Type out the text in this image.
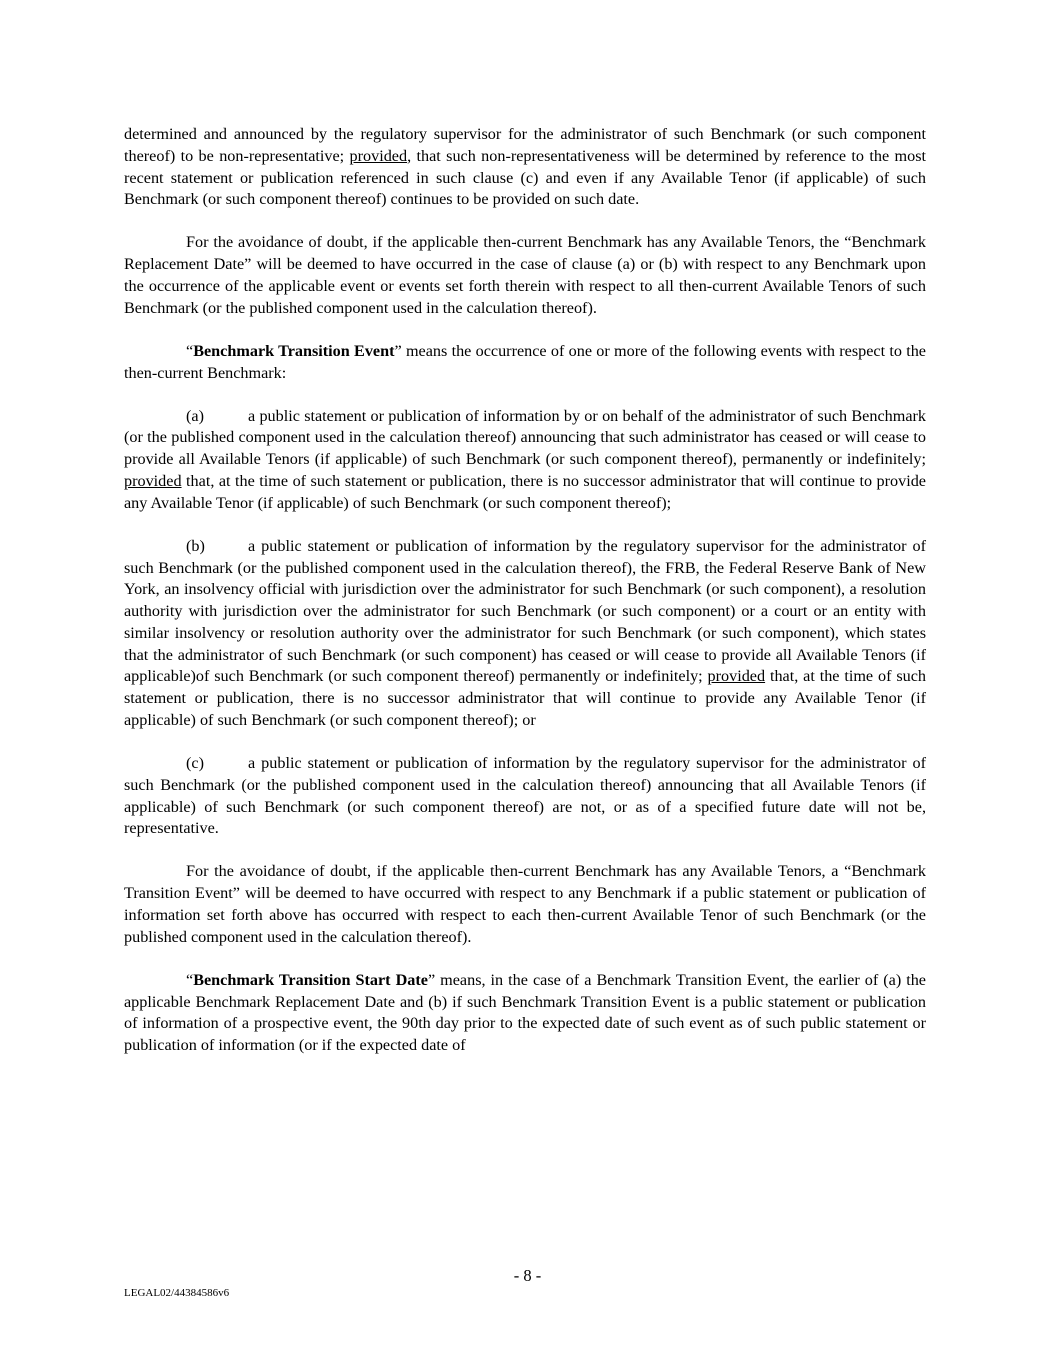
determined and announced by the regulatory supervisor for the administrator of such Benchmark (or such component thereof) to be non-representative; provided, that such non-representativeness will be determined by reference to the most recent statement or publication referenced in such clause (c) and even if any Available Tenor (if applicable) of such Benchmark (or such component thereof) continues to be provided on such date.

For the avoidance of doubt, if the applicable then-current Benchmark has any Available Tenors, the “Benchmark Replacement Date” will be deemed to have occurred in the case of clause (a) or (b) with respect to any Benchmark upon the occurrence of the applicable event or events set forth therein with respect to all then-current Available Tenors of such Benchmark (or the published component used in the calculation thereof).

“Benchmark Transition Event” means the occurrence of one or more of the following events with respect to the then-current Benchmark:

(a)	a public statement or publication of information by or on behalf of the administrator of such Benchmark (or the published component used in the calculation thereof) announcing that such administrator has ceased or will cease to provide all Available Tenors (if applicable) of such Benchmark (or such component thereof), permanently or indefinitely; provided that, at the time of such statement or publication, there is no successor administrator that will continue to provide any Available Tenor (if applicable) of such Benchmark (or such component thereof);

(b)	a public statement or publication of information by the regulatory supervisor for the administrator of such Benchmark (or the published component used in the calculation thereof), the FRB, the Federal Reserve Bank of New York, an insolvency official with jurisdiction over the administrator for such Benchmark (or such component), a resolution authority with jurisdiction over the administrator for such Benchmark (or such component) or a court or an entity with similar insolvency or resolution authority over the administrator for such Benchmark (or such component), which states that the administrator of such Benchmark (or such component) has ceased or will cease to provide all Available Tenors (if applicable)of such Benchmark (or such component thereof) permanently or indefinitely; provided that, at the time of such statement or publication, there is no successor administrator that will continue to provide any Available Tenor (if applicable) of such Benchmark (or such component thereof); or

(c)	a public statement or publication of information by the regulatory supervisor for the administrator of such Benchmark (or the published component used in the calculation thereof) announcing that all Available Tenors (if applicable) of such Benchmark (or such component thereof) are not, or as of a specified future date will not be, representative.

For the avoidance of doubt, if the applicable then-current Benchmark has any Available Tenors, a “Benchmark Transition Event” will be deemed to have occurred with respect to any Benchmark if a public statement or publication of information set forth above has occurred with respect to each then-current Available Tenor of such Benchmark (or the published component used in the calculation thereof).

“Benchmark Transition Start Date” means, in the case of a Benchmark Transition Event, the earlier of (a) the applicable Benchmark Replacement Date and (b) if such Benchmark Transition Event is a public statement or publication of information of a prospective event, the 90th day prior to the expected date of such event as of such public statement or publication of information (or if the expected date of

- 8 -
LEGAL02/44384586v6
